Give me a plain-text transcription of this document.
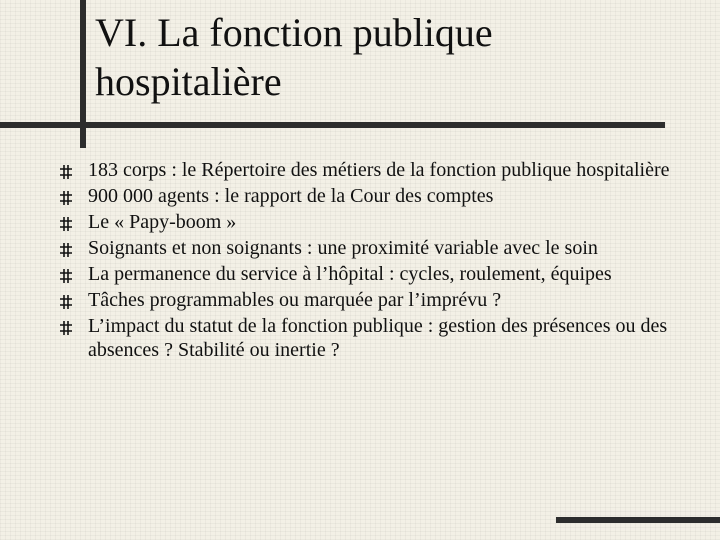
VI. La fonction publique
hospitalière
183 corps : le Répertoire des métiers de la fonction publique hospitalière
900 000 agents : le rapport de la Cour des comptes
Le « Papy-boom »
Soignants et non soignants : une proximité variable avec le soin
La permanence du service à l’hôpital : cycles, roulement, équipes
Tâches programmables ou marquée par l’imprévu ?
L’impact du statut de la fonction publique : gestion des présences ou des absences ? Stabilité ou inertie ?
